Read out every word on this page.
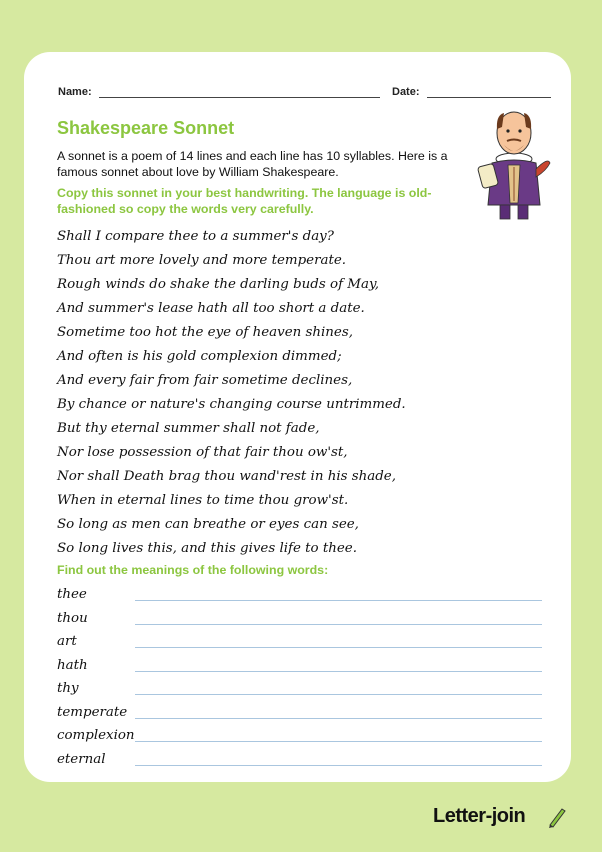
Name:	Date:
Shakespeare Sonnet
A sonnet is a poem of 14 lines and each line has 10 syllables. Here is a famous sonnet about love by William Shakespeare.
Copy this sonnet in your best handwriting. The language is old-fashioned so copy the words very carefully.
Shall I compare thee to a summer's day?
Thou art more lovely and more temperate.
Rough winds do shake the darling buds of May,
And summer's lease hath all too short a date.
Sometime too hot the eye of heaven shines,
And often is his gold complexion dimmed;
And every fair from fair sometime declines,
By chance or nature's changing course untrimmed.
But thy eternal summer shall not fade,
Nor lose possession of that fair thou ow'st,
Nor shall Death brag thou wand'rest in his shade,
When in eternal lines to time thou grow'st.
So long as men can breathe or eyes can see,
So long lives this, and this gives life to thee.
Find out the meanings of the following words:
thee
thou
art
hath
thy
temperate
complexion
eternal
Letter-join
